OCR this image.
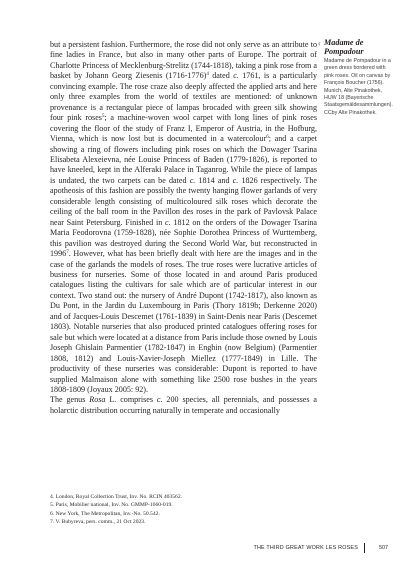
but a persistent fashion. Furthermore, the rose did not only serve as an attribute to fine ladies in France, but also in many other parts of Europe. The portrait of Charlotte Princess of Mecklenburg-Strelitz (1744-1818), taking a pink rose from a basket by Johann Georg Ziesenis (1716-1776)$^4$ dated c. 1761, is a particularly convincing example. The rose craze also deeply affected the applied arts and here only three examples from the world of textiles are mentioned: of unknown provenance is a rectangular piece of lampas brocaded with green silk showing four pink roses$^5$; a machine-woven wool carpet with long lines of pink roses covering the floor of the study of Franz I, Emperor of Austria, in the Hofburg, Vienna, which is now lost but is documented in a watercolour$^6$; and a carpet showing a ring of flowers including pink roses on which the Dowager Tsarina Elisabeta Alexeievna, née Louise Princess of Baden (1779-1826), is reported to have kneeled, kept in the Alferaki Palace in Taganrog. While the piece of lampas is undated, the two carpets can be dated c. 1814 and c. 1826 respectively. The apotheosis of this fashion are possibly the twenty hanging flower garlands of very considerable length consisting of multicoloured silk roses which decorate the ceiling of the ball room in the Pavillon des roses in the park of Pavlovsk Palace near Saint Petersburg. Finished in c. 1812 on the orders of the Dowager Tsarina Maria Feodorovna (1759-1828), née Sophie Dorothea Princess of Wurttemberg, this pavilion was destroyed during the Second World War, but reconstructed in 1996$^7$. However, what has been briefly dealt with here are the images and in the case of the garlands the models of roses. The true roses were lucrative articles of business for nurseries. Some of those located in and around Paris produced catalogues listing the cultivars for sale which are of particular interest in our context. Two stand out: the nursery of André Dupont (1742-1817), also known as Du Pont, in the Jardin du Luxembourg in Paris (Thory 1819b; Derkenne 2020) and of Jacques-Louis Descemet (1761-1839) in Saint-Denis near Paris (Descemet 1803). Notable nurseries that also produced printed catalogues offering roses for sale but which were located at a distance from Paris include those owned by Louis Joseph Ghislain Parmentier (1782-1847) in Enghin (now Belgium) (Parmentier 1808, 1812) and Louis-Xavier-Joseph Miellez (1777-1849) in Lille. The productivity of these nurseries was considerable: Dupont is reported to have supplied Malmaison alone with something like 2500 rose bushes in the years 1808-1809 (Joyaux 2005: 92).

The genus Rosa L. comprises c. 200 species, all perennials, and possesses a holarctic distribution occurring naturally in temperate and occasionally

‹ Madame de Pompadour
Madame de Pompadour in a green dress bordered with pink roses. Oil on canvas by François Boucher (1756). Munich, Alte Pinakothek, HUW 18 (Bayerische Staatsgemäldesammlungen). CCby Alte Pinakothek.
4. London, Royal Collection Trust, Inv. No. RCIN 403562.
5. Paris, Mobilier national, Inv. No. GMMP-1660-019.
6. New York, The Metropolitan, Inv.-No. 50.542.
7. V. Bubyreva, pers. comm., 21 Oct 2023.
THE THIRD GREAT WORK LES ROSES	507
